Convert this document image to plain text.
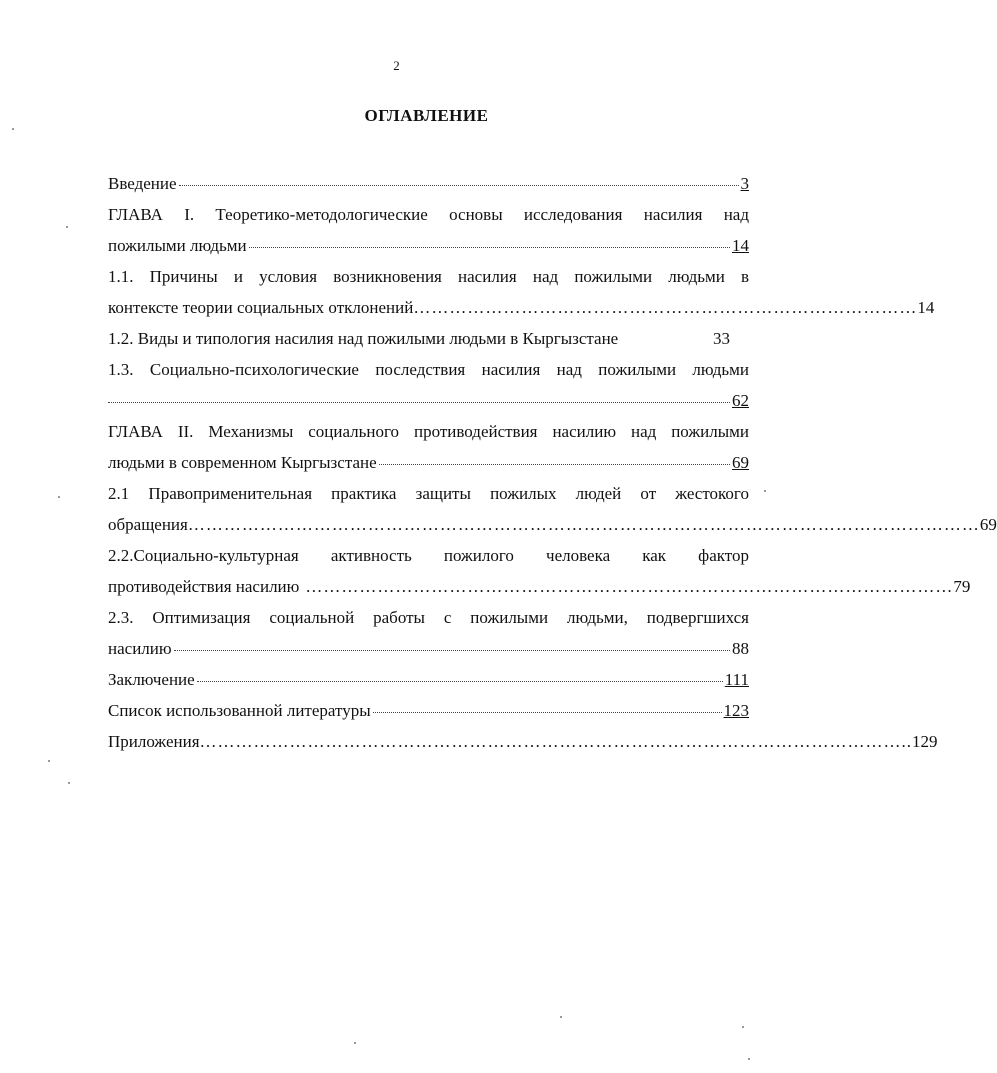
2
ОГЛАВЛЕНИЕ
Введение	3
ГЛАВА I. Теоретико-методологические основы исследования насилия над
пожилыми людьми	14
1.1. Причины и условия возникновения насилия над пожилыми людьми в
контексте теории социальных отклонений ………………………………………………………………………… 14
1.2. Виды и типология насилия над пожилыми людьми в Кыргызстане	33
1.3. Социально-психологические последствия насилия над пожилыми людьми
62
ГЛАВА II. Механизмы социального противодействия насилию над пожилыми
людьми в современном Кыргызстане	69
2.1 Правоприменительная практика защиты пожилых людей от жестокого
обращения …………………………………………………………………………………………………………………… 69
2.2.Социально-культурная активность пожилого человека как фактор
противодействия насилию ……………………………………………………………………………………………… 79
2.3. Оптимизация социальной работы с пожилыми людьми, подвергшихся
насилию	88
Заключение	111
Список использованной литературы	123
Приложения ……………………………………………………………………………………………………….. 129
